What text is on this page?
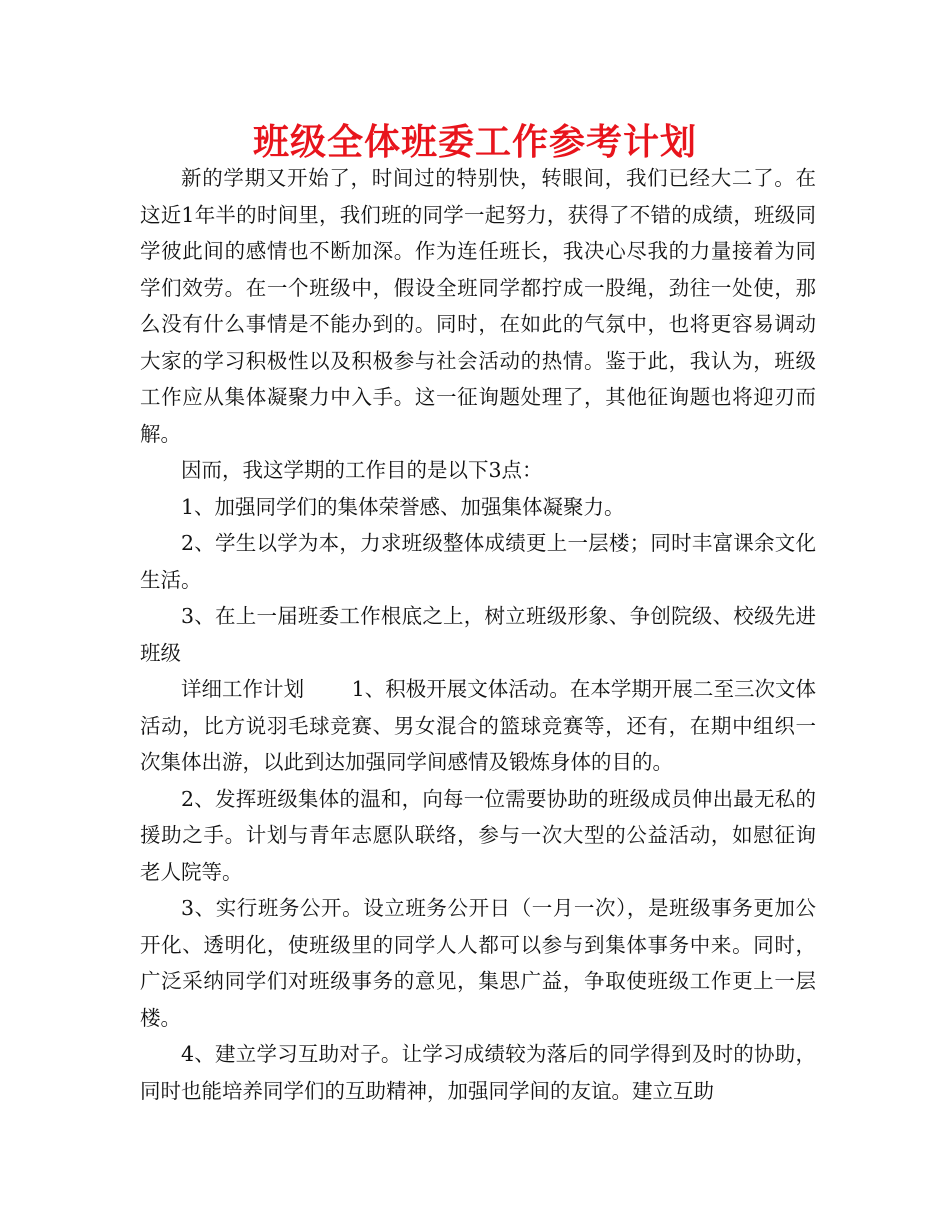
班级全体班委工作参考计划

新的学期又开始了，时间过的特别快，转眼间，我们已经大二了。在这近1年半的时间里，我们班的同学一起努力，获得了不错的成绩，班级同学彼此间的感情也不断加深。作为连任班长，我决心尽我的力量接着为同学们效劳。在一个班级中，假设全班同学都拧成一股绳，劲往一处使，那么没有什么事情是不能办到的。同时，在如此的气氛中，也将更容易调动大家的学习积极性以及积极参与社会活动的热情。鉴于此，我认为，班级工作应从集体凝聚力中入手。这一征询题处理了，其他征询题也将迎刃而解。

因而，我这学期的工作目的是以下3点：

1、加强同学们的集体荣誉感、加强集体凝聚力。

2、学生以学为本，力求班级整体成绩更上一层楼；同时丰富课余文化生活。

3、在上一届班委工作根底之上，树立班级形象、争创院级、校级先进班级

详细工作计划　　 1、积极开展文体活动。在本学期开展二至三次文体活动，比方说羽毛球竞赛、男女混合的篮球竞赛等，还有，在期中组织一次集体出游，以此到达加强同学间感情及锻炼身体的目的。

2、发挥班级集体的温和，向每一位需要协助的班级成员伸出最无私的援助之手。计划与青年志愿队联络，参与一次大型的公益活动，如慰征询老人院等。

3、实行班务公开。设立班务公开日（一月一次），是班级事务更加公开化、透明化，使班级里的同学人人都可以参与到集体事务中来。同时，广泛采纳同学们对班级事务的意见，集思广益，争取使班级工作更上一层楼。

4、建立学习互助对子。让学习成绩较为落后的同学得到及时的协助，同时也能培养同学们的互助精神，加强同学间的友谊。建立互助
